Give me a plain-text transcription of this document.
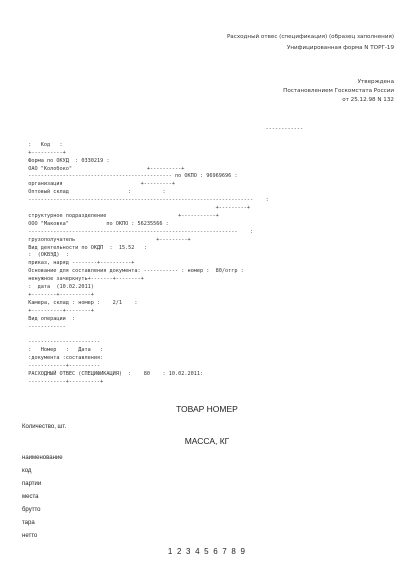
Расходный отвес (спецификация) (образец заполнения)
Унифицированная форма N ТОРГ-19
Утверждена
Постановлением Госкомстата России
от 25.12.98 N 132
------------

:   Код   :
+----------+
Форма по ОКУД  : 0330219 :
ОАО "Колобоко"                        +----------+
---------------------------------------------- по ОКПО : 96969696 :
организация                         +---------+
Оптовый склад                   :          :
------------------------------------------------------------------------    :
+---------+
структурное подразделение                       +-----------+
ООО "Маковка"            по ОКПО : 56235566 :
-------------------------------------------------------------------    :
грузополучатель                          +---------+
Вид деятельности по ОКДП  :  15.52   :
:  (ОКВЭД)  :
приказ, наряд --------+----------+
Основание для составления документа: ----------- : номер :  80/отгр :
ненужное зачеркнуть+-------+--------+
:  дата  (10.02.2011)
+--------+----------+
Камера, склад : номер :    2/1    :
+----------+--------+
Вид операции  :
------------
-----------------------
:   Номер   :   Дата   :
:документа :составления:
------------+----------
РАСХОДНЫЙ ОТВЕС (СПЕЦИФИКАЦИЯ)  :    80    : 10.02.2011:
------------+----------+
ТОВАР НОМЕР
Количество, шт.
МАССА, КГ
наименование
код
партии
места
брутто
тара
нетто
1 2 3 4 5 6 7 8 9
